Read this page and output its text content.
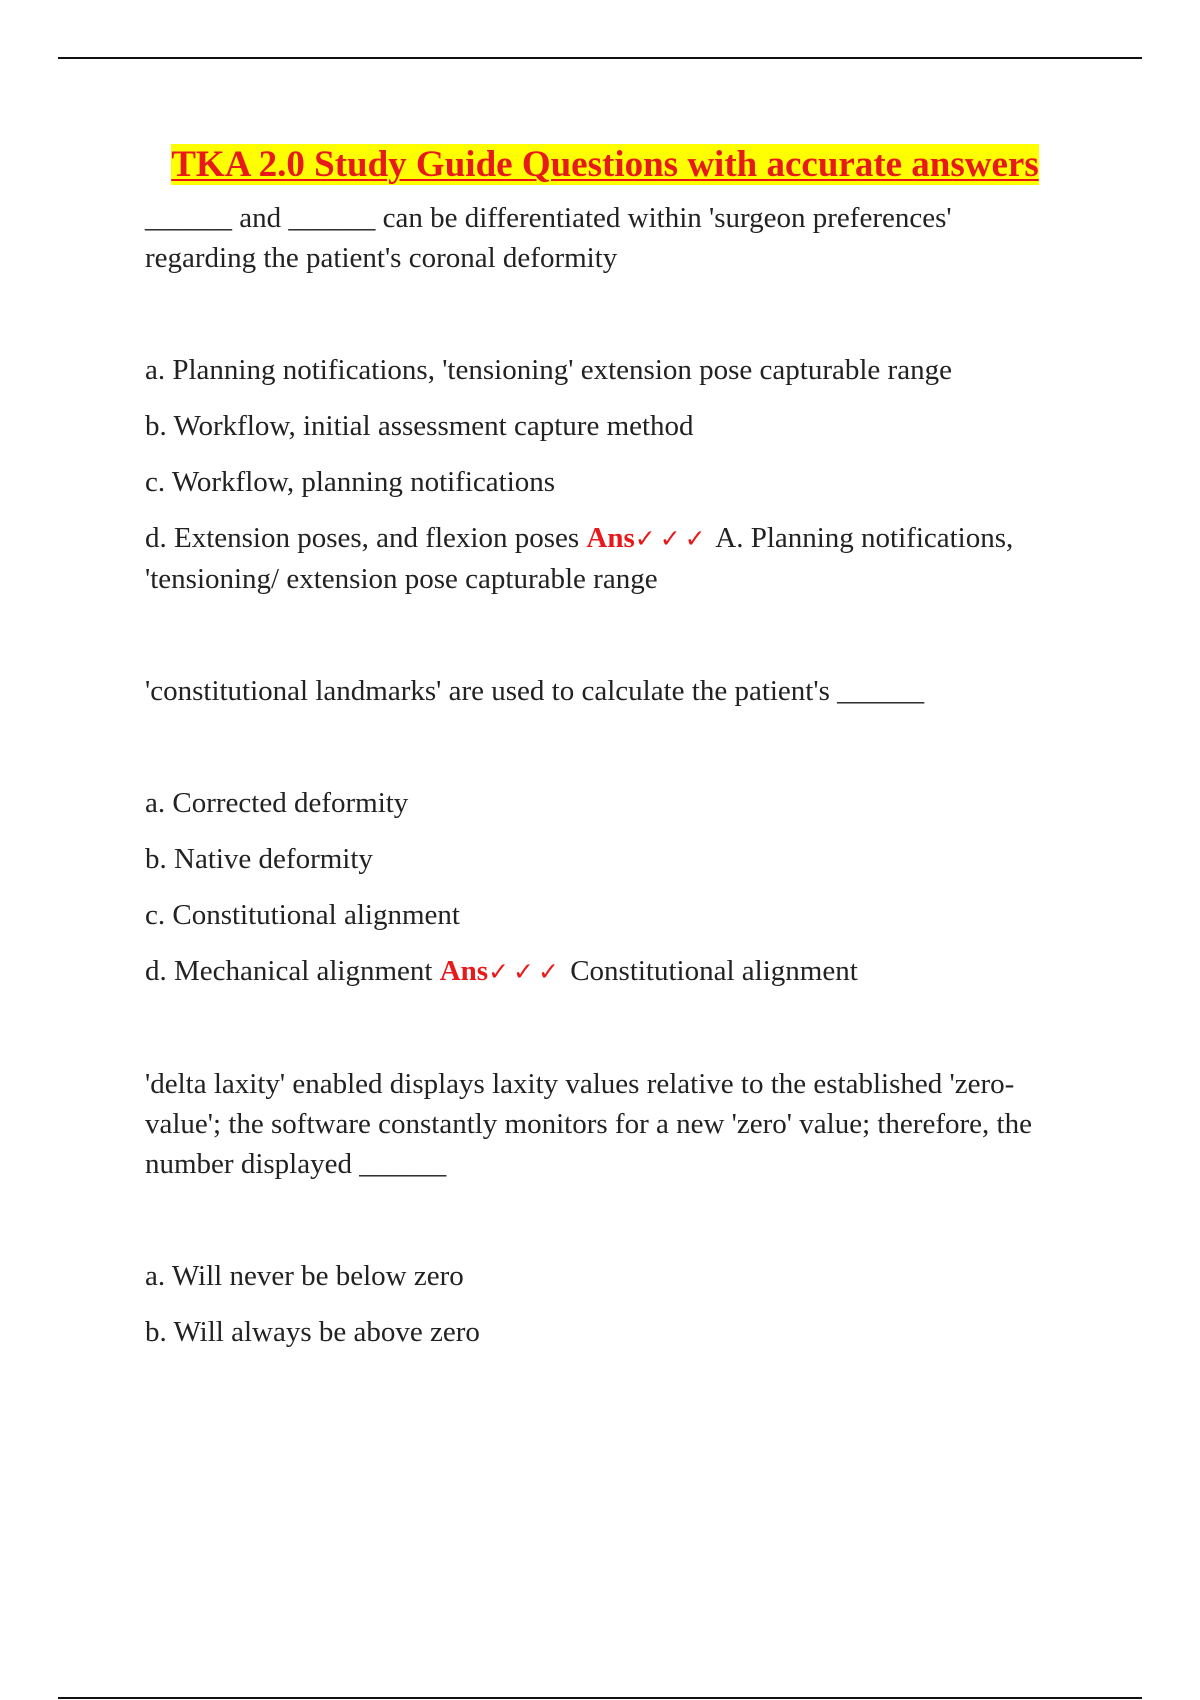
TKA 2.0 Study Guide Questions with accurate answers

______ and ______ can be differentiated within 'surgeon preferences' regarding the patient's coronal deformity

a. Planning notifications, 'tensioning' extension pose capturable range

b. Workflow, initial assessment capture method

c. Workflow, planning notifications

d. Extension poses, and flexion poses Ans✓✓✓ A. Planning notifications, 'tensioning/ extension pose capturable range

'constitutional landmarks' are used to calculate the patient's ______

a. Corrected deformity

b. Native deformity

c. Constitutional alignment

d. Mechanical alignment Ans✓✓✓ Constitutional alignment

'delta laxity' enabled displays laxity values relative to the established 'zero-value'; the software constantly monitors for a new 'zero' value; therefore, the number displayed ______

a. Will never be below zero

b. Will always be above zero
